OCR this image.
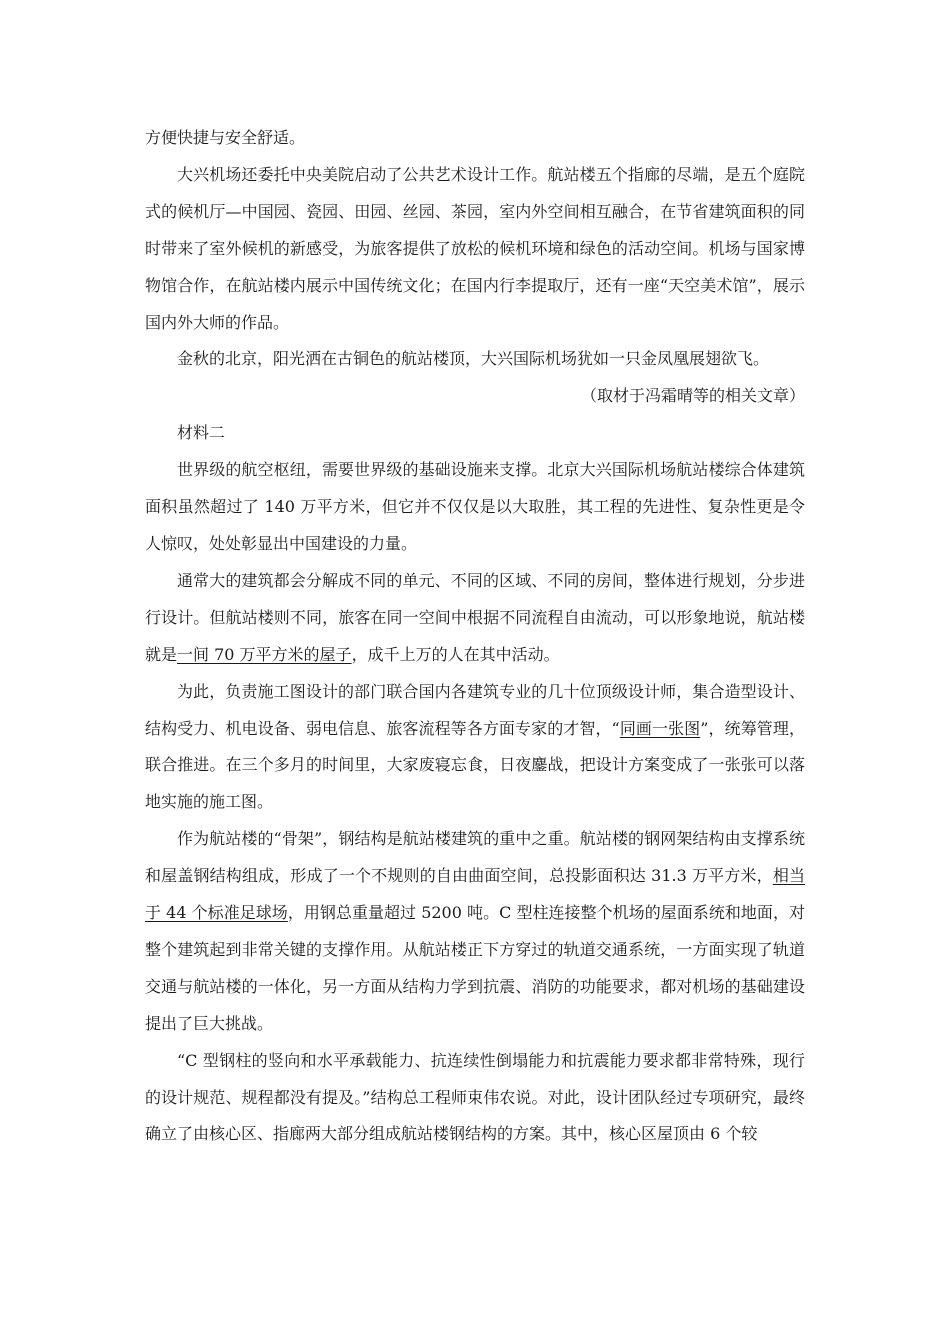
方便快捷与安全舒适。

大兴机场还委托中央美院启动了公共艺术设计工作。航站楼五个指廊的尽端，是五个庭院式的候机厅—中国园、瓷园、田园、丝园、茶园，室内外空间相互融合，在节省建筑面积的同时带来了室外候机的新感受，为旅客提供了放松的候机环境和绿色的活动空间。机场与国家博物馆合作，在航站楼内展示中国传统文化；在国内行李提取厅，还有一座“天空美术馆”，展示国内外大师的作品。

金秋的北京，阳光洒在古铜色的航站楼顶，大兴国际机场犹如一只金凤凰展翅欲飞。

（取材于冯霜晴等的相关文章）

材料二

世界级的航空枢纽，需要世界级的基础设施来支撑。北京大兴国际机场航站楼综合体建筑面积虽然超过了 140 万平方米，但它并不仅仅是以大取胜，其工程的先进性、复杂性更是令人惊叹，处处彰显出中国建设的力量。

通常大的建筑都会分解成不同的单元、不同的区域、不同的房间，整体进行规划，分步进行设计。但航站楼则不同，旅客在同一空间中根据不同流程自由流动，可以形象地说，航站楼就是一间 70 万平方米的屋子，成千上万的人在其中活动。

为此，负责施工图设计的部门联合国内各建筑专业的几十位顶级设计师，集合造型设计、结构受力、机电设备、弱电信息、旅客流程等各方面专家的才智，“同画一张图”，统筹管理，联合推进。在三个多月的时间里，大家废寝忘食，日夜鏖战，把设计方案变成了一张张可以落地实施的施工图。

作为航站楼的“骨架”，钢结构是航站楼建筑的重中之重。航站楼的钢网架结构由支撑系统和屋盖钢结构组成，形成了一个不规则的自由曲面空间，总投影面积达 31.3 万平方米，相当于 44 个标准足球场，用钢总重量超过 5200 吨。C 型柱连接整个机场的屋面系统和地面，对整个建筑起到非常关键的支撑作用。从航站楼正下方穿过的轨道交通系统，一方面实现了轨道交通与航站楼的一体化，另一方面从结构力学到抗震、消防的功能要求，都对机场的基础建设提出了巨大挑战。

“C 型钢柱的竖向和水平承载能力、抗连续性倒塌能力和抗震能力要求都非常特殊，现行的设计规范、规程都没有提及。”结构总工程师束伟农说。对此，设计团队经过专项研究，最终确立了由核心区、指廊两大部分组成航站楼钢结构的方案。其中，核心区屋顶由 6 个较
